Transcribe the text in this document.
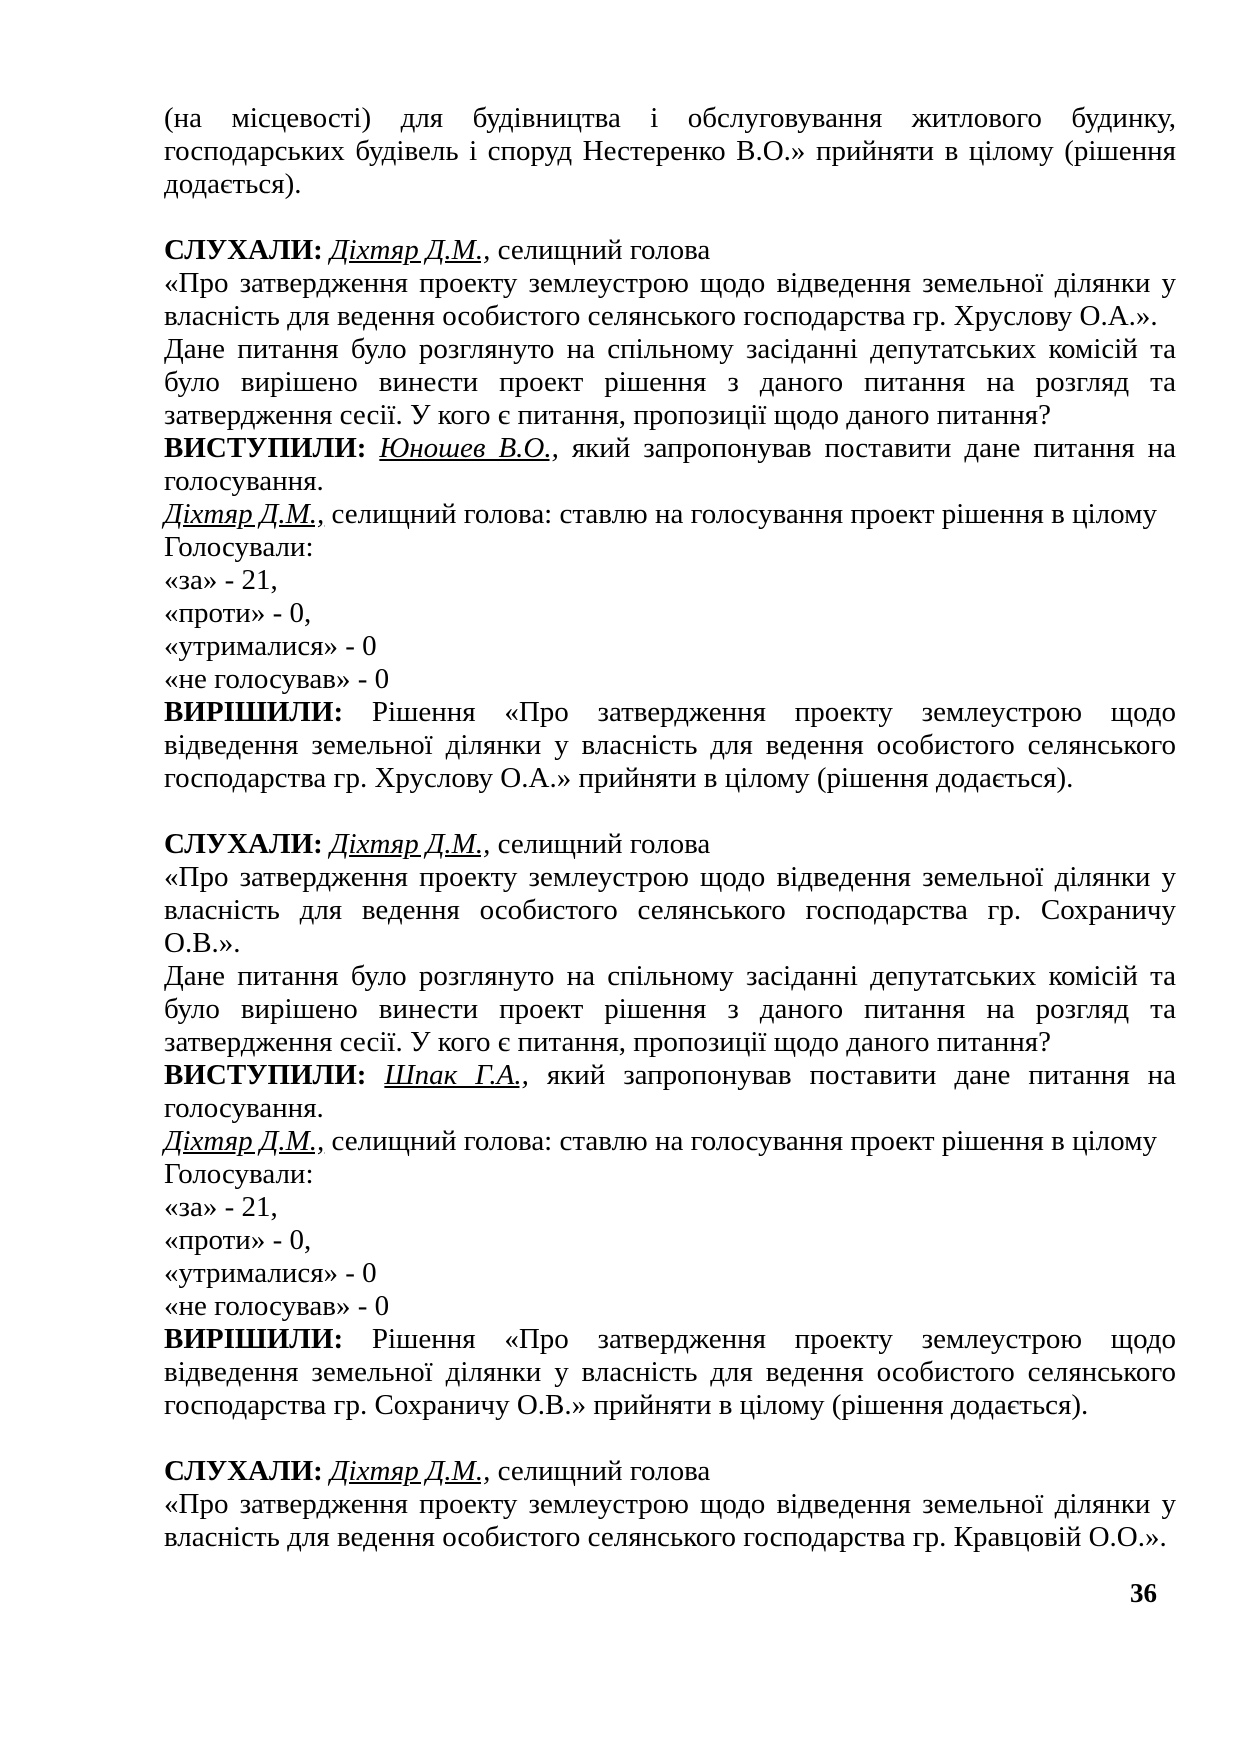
(на місцевості) для будівництва і обслуговування житлового будинку,
господарських будівель і споруд Нестеренко В.О.» прийняти в цілому (рішення
додається).
СЛУХАЛИ: Діхтяр Д.М., селищний голова
«Про затвердження проекту землеустрою щодо відведення земельної ділянки у
власність для ведення особистого селянського господарства гр. Хруслову О.А.».
Дане питання було розглянуто на спільному засіданні депутатських комісій та
було вирішено винести проект рішення з даного питання на розгляд та
затвердження сесії. У кого є питання, пропозиції щодо даного питання?
ВИСТУПИЛИ: Юношев В.О., який запропонував поставити дане питання на
голосування.
Діхтяр Д.М., селищний голова: ставлю на голосування проект рішення в цілому
Голосували:
«за» - 21,
«проти» - 0,
«утрималися» - 0
«не голосував» - 0
ВИРІШИЛИ: Рішення «Про затвердження проекту землеустрою щодо
відведення земельної ділянки у власність для ведення особистого селянського
господарства гр. Хруслову О.А.» прийняти в цілому (рішення додається).
СЛУХАЛИ: Діхтяр Д.М., селищний голова
«Про затвердження проекту землеустрою щодо відведення земельної ділянки у
власність для ведення особистого селянського господарства гр. Сохраничу
О.В.».
Дане питання було розглянуто на спільному засіданні депутатських комісій та
було вирішено винести проект рішення з даного питання на розгляд та
затвердження сесії. У кого є питання, пропозиції щодо даного питання?
ВИСТУПИЛИ: Шпак Г.А., який запропонував поставити дане питання на
голосування.
Діхтяр Д.М., селищний голова: ставлю на голосування проект рішення в цілому
Голосували:
«за» - 21,
«проти» - 0,
«утрималися» - 0
«не голосував» - 0
ВИРІШИЛИ: Рішення «Про затвердження проекту землеустрою щодо
відведення земельної ділянки у власність для ведення особистого селянського
господарства гр. Сохраничу О.В.» прийняти в цілому (рішення додається).
СЛУХАЛИ: Діхтяр Д.М., селищний голова
«Про затвердження проекту землеустрою щодо відведення земельної ділянки у
власність для ведення особистого селянського господарства гр. Кравцовій О.О.».
36
